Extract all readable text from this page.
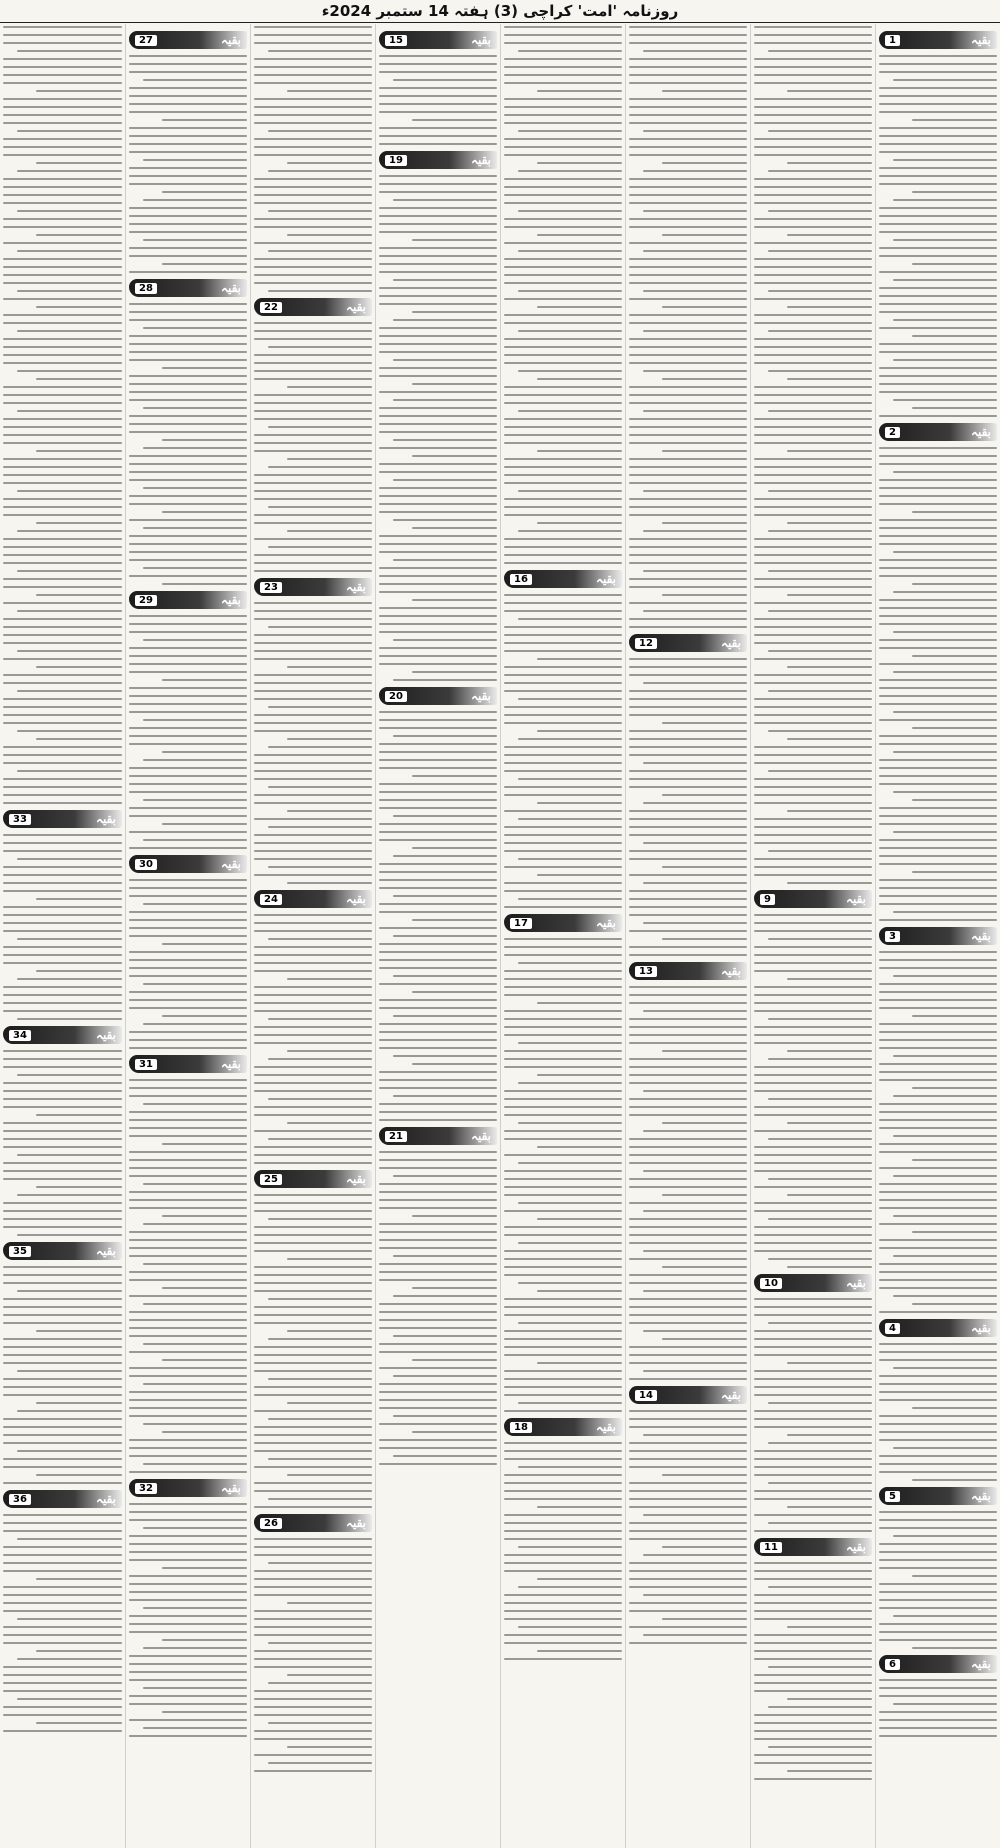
روزنامہ 'امت' کراچی (3) ہفتہ 14 ستمبر 2024ء
بقیہ
1
بقیہ
2
بقیہ
3
بقیہ
4
بقیہ
5
بقیہ
6
بقیہ
9
بقیہ
10
بقیہ
11
بقیہ
12
بقیہ
13
بقیہ
14
بقیہ
16
بقیہ
17
بقیہ
18
بقیہ
15
بقیہ
19
بقیہ
20
بقیہ
21
بقیہ
22
بقیہ
23
بقیہ
24
بقیہ
25
بقیہ
26
بقیہ
27
بقیہ
28
بقیہ
29
بقیہ
30
بقیہ
31
بقیہ
32
بقیہ
33
بقیہ
34
بقیہ
35
بقیہ
36
